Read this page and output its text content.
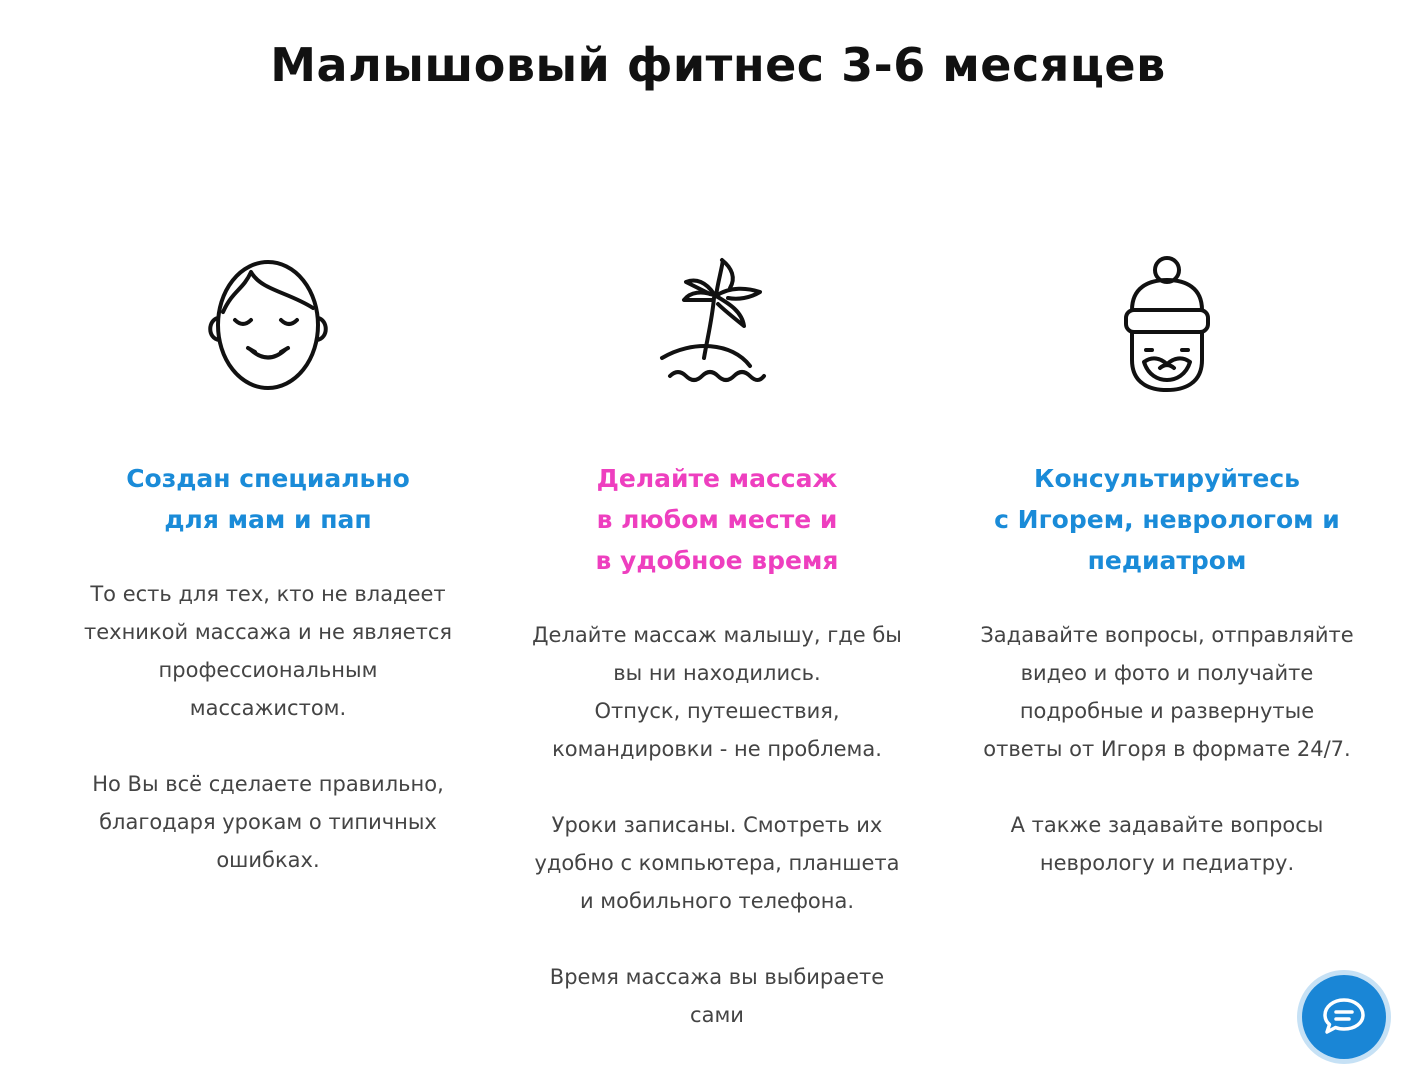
Малышовый фитнес 3-6 месяцев
Создан специально
для мам и пап

То есть для тех, кто не владеет
техникой массажа и не является
профессиональным
массажистом.

Но Вы всё сделаете правильно,
благодаря урокам о типичных
ошибках.

Делайте массаж
в любом месте и
в удобное время

Делайте массаж малышу, где бы
вы ни находились.
Отпуск, путешествия,
командировки - не проблема.

Уроки записаны. Смотреть их
удобно с компьютера, планшета
и мобильного телефона.

Время массажа вы выбираете
сами

Консультируйтесь
с Игорем, неврологом и
педиатром

Задавайте вопросы, отправляйте
видео и фото и получайте
подробные и развернутые
ответы от Игоря в формате 24/7.

А также задавайте вопросы
неврологу и педиатру.
